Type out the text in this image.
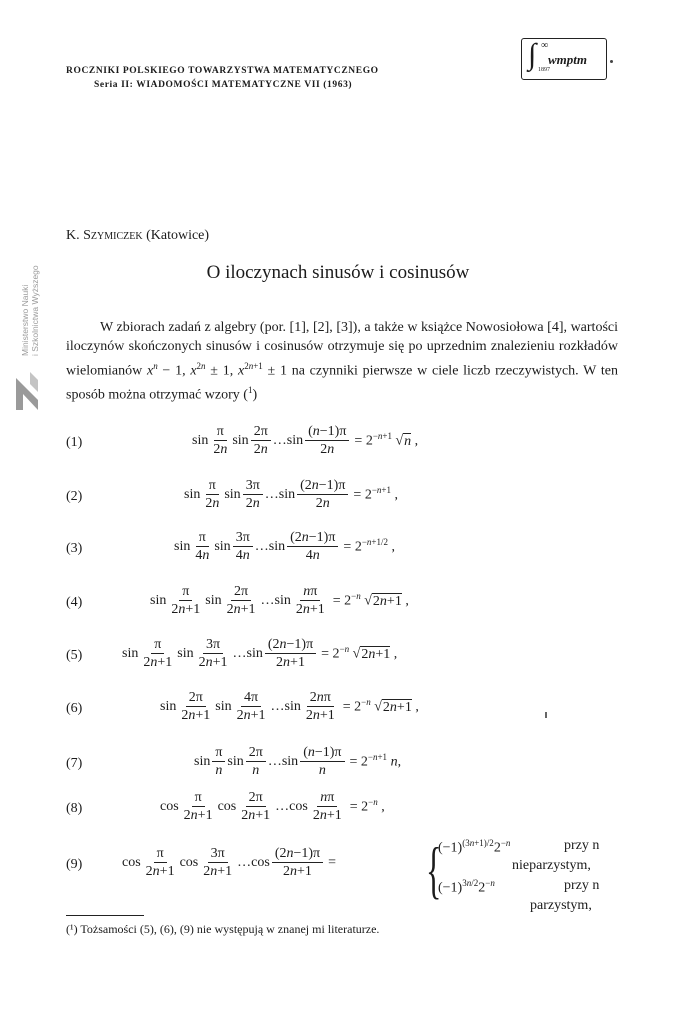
ROCZNIKI POLSKIEGO TOWARZYSTWA MATEMATYCZNEGO
Seria II: WIADOMOŚCI MATEMATYCZNE VII (1963)
∫ ∞
wmptm
1897
Ministerstwo Nauki i Szkolnictwa Wyższego
K. Szymiczek (Katowice)
O iloczynach sinusów i cosinusów
W zbiorach zadań z algebry (por. [1], [2], [3]), a także w książce Nowosiołowa [4], wartości iloczynów skończonych sinusów i cosinusów otrzymuje się po uprzednim znalezieniu rozkładów wielomianów $x^n - 1$, $x^{2n} \pm 1$, $x^{2n+1} \pm 1$ na czynniki pierwsze w ciele liczb rzeczywistych. W ten sposób można otrzymać wzory ($^1$)
(1)	$\sin \frac{\pi}{2n}$ $\sin \frac{2\pi}{2n}$ …sin $\frac{(n-1)\pi}{2n} = 2^{-n+1}$ √n ,
(2)	$\sin \frac{\pi}{2n}$ $\sin \frac{3\pi}{2n}$ …sin $\frac{(2n-1)\pi}{2n} = 2^{-n+1}$ ,
(3)	$\sin \frac{\pi}{4n}$ $\sin \frac{3\pi}{4n}$ …sin $\frac{(2n-1)\pi}{4n} = 2^{-n+1/2}$ ,
(4)	$\sin \frac{\pi}{2n+1}$ $\sin \frac{2\pi}{2n+1}$ …sin $\frac{n\pi}{2n+1} = 2^{-n}$ √2n+1 ,
(5)	$\sin \frac{\pi}{2n+1}$ $\sin \frac{3\pi}{2n+1}$ …sin $\frac{(2n-1)\pi}{2n+1} = 2^{-n}$ √2n+1 ,
(6)	$\sin \frac{2\pi}{2n+1}$ $\sin \frac{4\pi}{2n+1}$ …sin $\frac{2n\pi}{2n+1} = 2^{-n}$ √2n+1 ,
(7)	$\sin \frac{\pi}{n}$ $\sin \frac{2\pi}{n}$ …sin $\frac{(n-1)\pi}{n} = 2^{-n+1}$ n,
(8)	$\cos \frac{\pi}{2n+1}$ $\cos \frac{2\pi}{2n+1}$ …cos $\frac{n\pi}{2n+1} = 2^{-n}$ ,
(9)	$\cos \frac{\pi}{2n+1}$ $\cos \frac{3\pi}{2n+1}$ …cos $\frac{(2n-1)\pi}{2n+1}$ = {
$(-1)^{(3n+1)/2}2^{-n}$	przy n
nieparzystym,
$(-1)^{3n/2}2^{-n}$	przy n
parzystym,
(¹) Tożsamości (5), (6), (9) nie występują w znanej mi literaturze.
